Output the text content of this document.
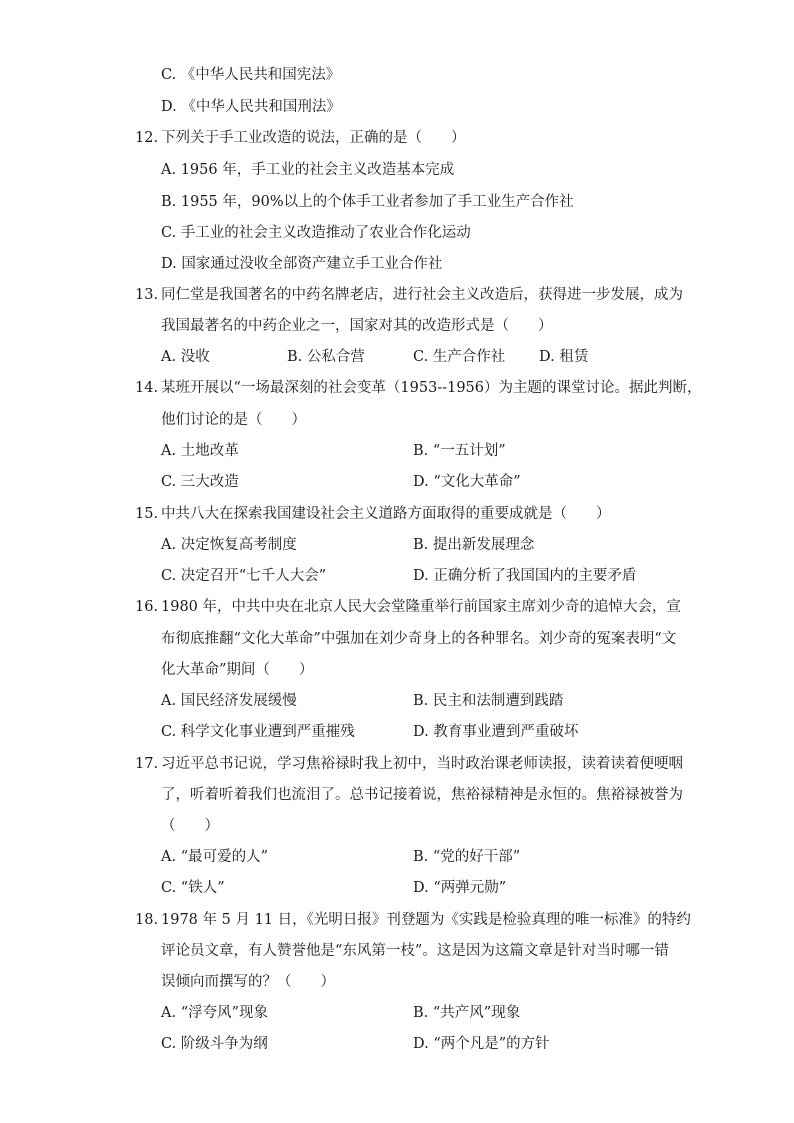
C. 《中华人民共和国宪法》
D. 《中华人民共和国刑法》
12. 下列关于手工业改造的说法，正确的是（　　）
A. 1956 年，手工业的社会主义改造基本完成
B. 1955 年，90%以上的个体手工业者参加了手工业生产合作社
C. 手工业的社会主义改造推动了农业合作化运动
D. 国家通过没收全部资产建立手工业合作社
13. 同仁堂是我国著名的中药名牌老店，进行社会主义改造后，获得进一步发展，成为
我国最著名的中药企业之一，国家对其的改造形式是（　　）
A. 没收	B. 公私合营	C. 生产合作社 D. 租赁
14. 某班开展以“一场最深刻的社会变革（1953--1956）为主题的课堂讨论。据此判断，
他们讨论的是（　　）
A. 土地改革	B. “一五计划”
C. 三大改造	D. “文化大革命”
15. 中共八大在探索我国建设社会主义道路方面取得的重要成就是（　　）
A. 决定恢复高考制度	B. 提出新发展理念
C. 决定召开“七千人大会”	D. 正确分析了我国国内的主要矛盾
16. 1980 年，中共中央在北京人民大会堂隆重举行前国家主席刘少奇的追悼大会，宣
布彻底推翻“文化大革命”中强加在刘少奇身上的各种罪名。刘少奇的冤案表明“文
化大革命”期间（　　）
A. 国民经济发展缓慢	B. 民主和法制遭到践踏
C. 科学文化事业遭到严重摧残	D. 教育事业遭到严重破坏
17. 习近平总书记说，学习焦裕禄时我上初中，当时政治课老师读报，读着读着便哽咽
了，听着听着我们也流泪了。总书记接着说，焦裕禄精神是永恒的。焦裕禄被誉为
（　　）
A. “最可爱的人”	B. “党的好干部”
C. “铁人”	D. “两弹元勋”
18. 1978 年 5 月 11 日，《光明日报》刊登题为《实践是检验真理的唯一标准》的特约
评论员文章，有人赞誉他是“东风第一枝”。这是因为这篇文章是针对当时哪一错
误倾向而撰写的？（　　）
A. “浮夸风”现象	B. “共产风”现象
C. 阶级斗争为纲	D. “两个凡是”的方针
